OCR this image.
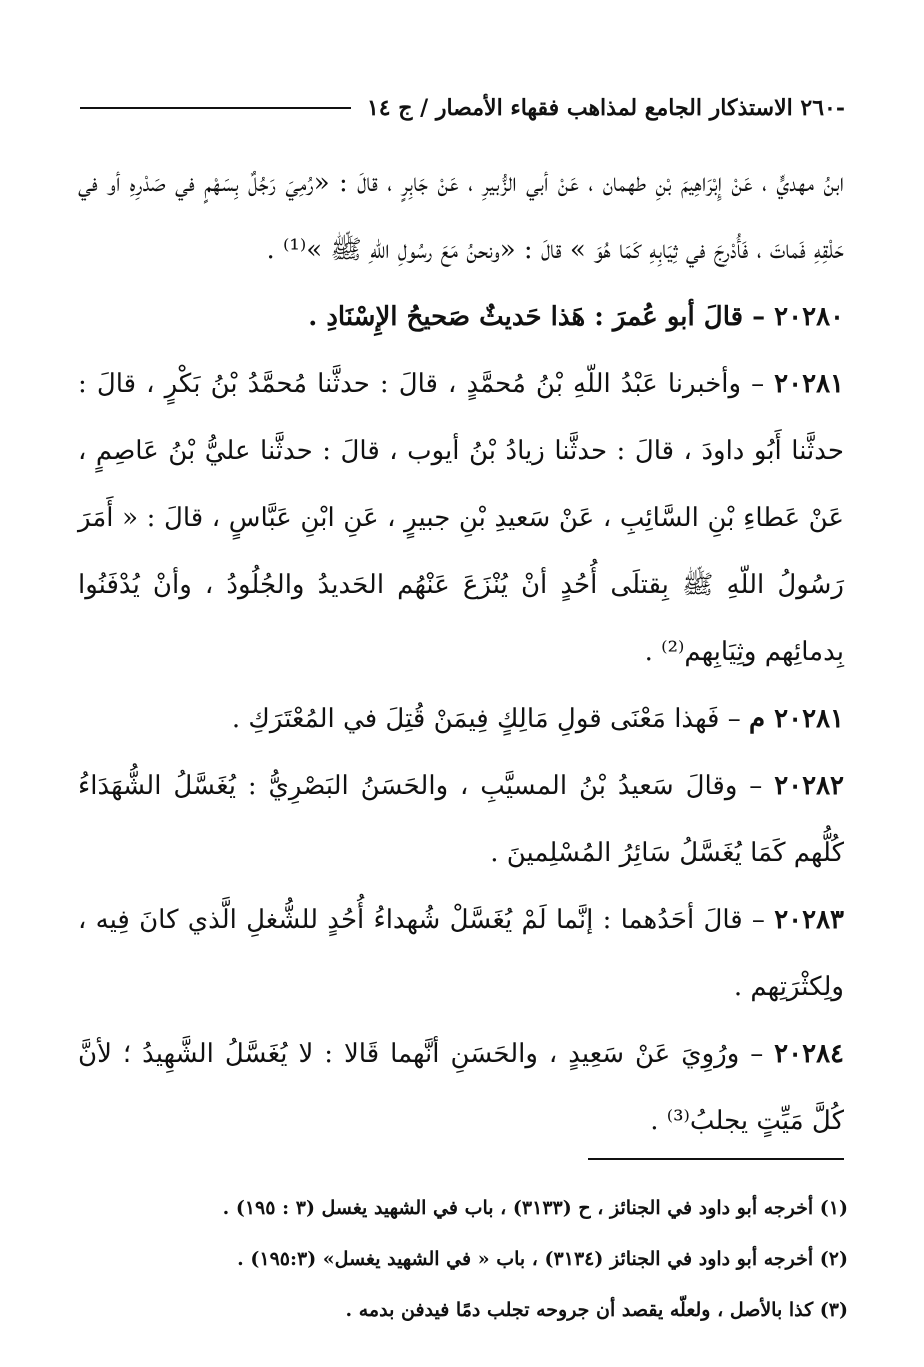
-٢٦٠ الاستذكار الجامع لمذاهب فقهاء الأمصار / ج ١٤

ابنُ مهديٍّ ، عَنْ إِبْرَاهِيمَ بْنِ طهمان ، عَنْ أبي الزُّبيرِ ، عَنْ جَابِرٍ ، قالَ : «رُمِيَ رَجُلٌ بِسَهْمٍ في صَدْرِهِ أو في حَلْقِهِ فَماتَ ، فَأُدْرِجَ في ثِيَابِهِ كَمَا هُوَ » قالَ : «ونحنُ مَعَ رسُولِ اللّهِ ﷺ »⁽¹⁾ .

٢٠٢٨٠ – قالَ أبو عُمرَ : هَذا حَديثٌ صَحيحُ الإِسْنَادِ .

٢٠٢٨١ – وأخبرنا عَبْدُ اللّهِ بْنُ مُحمَّدٍ ، قالَ : حدثَّنا مُحمَّدُ بْنُ بَكْرٍ ، قالَ : حدثَّنا أَبُو داودَ ، قالَ : حدثَّنا زيادُ بْنُ أيوب ، قالَ : حدثَّنا عليُّ بْنُ عَاصِمٍ ، عَنْ عَطاءِ بْنِ السَّائِبِ ، عَنْ سَعيدِ بْنِ جبيرٍ ، عَنِ ابْنِ عَبَّاسٍ ، قالَ : « أَمَرَ رَسُولُ اللّهِ ﷺ بِقتلَى أُحُدٍ أنْ يُنْزَعَ عَنْهُم الحَديدُ والجُلُودُ ، وأنْ يُدْفَنُوا بِدمائِهم وثِيَابِهم⁽²⁾ .

٢٠٢٨١ م – فَهذا مَعْنَى قولِ مَالِكٍ فِيمَنْ قُتِلَ في المُعْتَرَكِ .

٢٠٢٨٢ – وقالَ سَعيدُ بْنُ المسيَّبِ ، والحَسَنُ البَصْرِيُّ : يُغَسَّلُ الشُّهَدَاءُ كُلُّهم كَمَا يُغَسَّلُ سَائِرُ المُسْلِمينَ .

٢٠٢٨٣ – قالَ أحَدُهما : إنَّما لَمْ يُغَسَّلْ شُهداءُ أُحُدٍ للشُّغلِ الَّذي كانَ فِيه ، ولِكثْرَتِهم .

٢٠٢٨٤ – ورُوِيَ عَنْ سَعِيدٍ ، والحَسَنِ أنَّهما قَالا : لا يُغَسَّلُ الشَّهِيدُ ؛ لأنَّ كُلَّ مَيِّتٍ يجلبُ⁽³⁾ .

(١) أخرجه أبو داود في الجنائز ، ح (٣١٣٣) ، باب في الشهيد يغسل (٣ : ١٩٥) .

(٢) أخرجه أبو داود في الجنائز (٣١٣٤) ، باب « في الشهيد يغسل» (١٩٥:٣) .

(٣) كذا بالأصل ، ولعلّه يقصد أن جروحه تجلب دمًا فيدفن بدمه .
